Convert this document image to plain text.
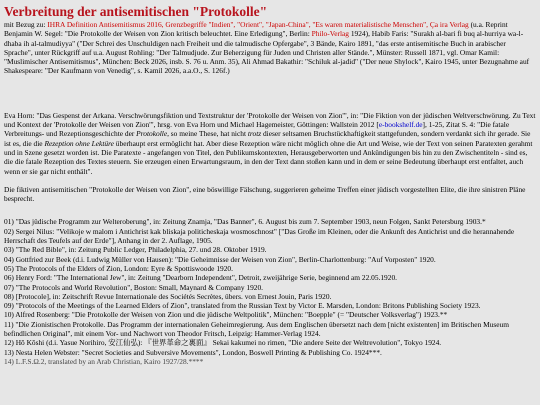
Verbreitung der antisemitischen "Protokolle"

mit Bezug zu: IHRA Definition Antisemitismus 2016, Grenzbegriffe "Indien", "Orient", "Japan-China", "Es waren materialistische Menschen", Ça ira Verlag (u.a. Reprint Benjamin W. Segel: "Die Protokolle der Weisen von Zion kritisch beleuchtet. Eine Erledigung", Berlin: Philo-Verlag 1924), Habib Faris: "Surakh al-bari fi buq al-hurriya wa-l-dhaba ih al-talmudiyya" ("Der Schrei des Unschuldigen nach Freiheit und die talmudische Opfergabe", 3 Bände, Kairo 1891, "das erste antisemitische Buch in arabischer Sprache", unter Rückgriff auf u.a. August Rohling: "Der Talmudjude. Zur Beherzigung für Juden und Christen aller Stände.", Münster: Russell 1871, vgl. Omar Kamil: "Muslimischer Antisemitismus", München: Beck 2026, insb. S. 76 u. Anm. 35), Ali Ahmad Bakathir: "Schiluk al-jadid" ("Der neue Shylock", Kairo 1945, unter Bezugnahme auf Shakespeare: "Der Kaufmann von Venedig", s. Kamil 2026, a.a.O., S. 126f.)

Eva Horn: "Das Gespenst der Arkana. Verschwörungsfiktion und Textstruktur der 'Protokolle der Weisen von Zion'", in: "Die Fiktion von der jüdischen Weltverschwörung. Zu Text und Kontext der 'Protokolle der Weisen von Zion'", hrsg. von Eva Horn und Michael Hagemeister, Göttingen: Wallstein 2012 [e-bookshelf.de], 1-25, Zitat S. 4: "Die fatale Verbreitungs- und Rezeptionsgeschichte der Protokolle, so meine These, hat nicht trotz dieser seltsamen Bruchstückhaftigkeit stattgefunden, sondern verdankt sich ihr gerade. Sie ist es, die die Rezeption ohne Lektüre überhaupt erst ermöglicht hat. Aber diese Rezeption wäre nicht möglich ohne die Art und Weise, wie der Text von seinen Paratexten gerahmt und in Szene gesetzt worden ist. Die Paratexte - angefangen von Titel, den Publikumskontexten, Herausgeberworten und Ankündigungen bis hin zu den Zwischentiteln - sind es, die die fatale Rezeption des Textes steuern. Sie erzeugen einen Erwartungsraum, in den der Text dann stoßen kann und in dem er seine Bedeutung überhaupt erst entfaltet, auch wenn er sie gar nicht enthält".

Die fiktiven antisemitischen "Protokolle der Weisen von Zion", eine böswillige Fälschung, suggerieren geheime Treffen einer jüdisch vorgestellten Elite, die ihre sinistren Pläne besprecht.

01) "Das jüdische Programm zur Welteroberung", in: Zeitung Znamja, "Das Banner", 6. August bis zum 7. September 1903, neun Folgen, Sankt Petersburg 1903.*
02) Sergei Nilus: "Velikoje w malom i Antichrist kak bliskaja politicheskaja wosmoschnost" ["Das Große im Kleinen, oder die Ankunft des Antichrist und die herannahende Herrschaft des Teufels auf der Erde"], Anhang in der 2. Auflage, 1905.
03) "The Red Bible", in: Zeitung Public Ledger, Philadelphia, 27. und 28. Oktober 1919.
04) Gottfried zur Beek (d.i. Ludwig Müller von Hausen): "Die Geheimnisse der Weisen von Zion", Berlin-Charlottenburg: "Auf Vorposten" 1920.
05) The Protocols of the Elders of Zion, London: Eyre & Spottiswoode 1920.
06) Henry Ford: "The International Jew", in: Zeitung "Dearborn Independent", Detroit, zweijährige Serie, beginnend am 22.05.1920.
07) "The Protocols and World Revolution", Boston: Small, Maynard & Company 1920.
08) [Protocole], in: Zeitschrift Revue Internationale des Sociétés Secrètes, übers. von Ernest Jouin, Paris 1920.
09) "Protocols of the Meetings of the Learned Elders of Zion", translated from the Russian Text by Victor E. Marsden, London: Britons Publishing Society 1923.
10) Alfred Rosenberg: "Die Protokolle der Weisen von Zion und die jüdische Weltpolitik", München: "Boepple" (= "Deutscher Volksverlag") 1923.**
11) "Die Zionistischen Protokolle. Das Programm der internationalen Geheimregierung. Aus dem Englischen übersetzt nach dem [nicht existenten] im Britischen Museum befindlichen Original", mit einem Vor- und Nachwort von Theodor Fritsch, Leipzig: Hammer-Verlag 1924.
12) Hō Kōshi (d.i. Yasue Norihiro, 安江仙弘): 『世界革命之裏面』 Sekai kakumei no rimen, "Die andere Seite der Weltrevolution", Tokyo 1924.
13) Nesta Helen Webster: "Secret Societies and Subversive Movements", London, Boswell Printing & Publishing Co. 1924***.
14) L.F.S.Ω.2, translated by an Arab Christian, Kairo 1927/28.****
